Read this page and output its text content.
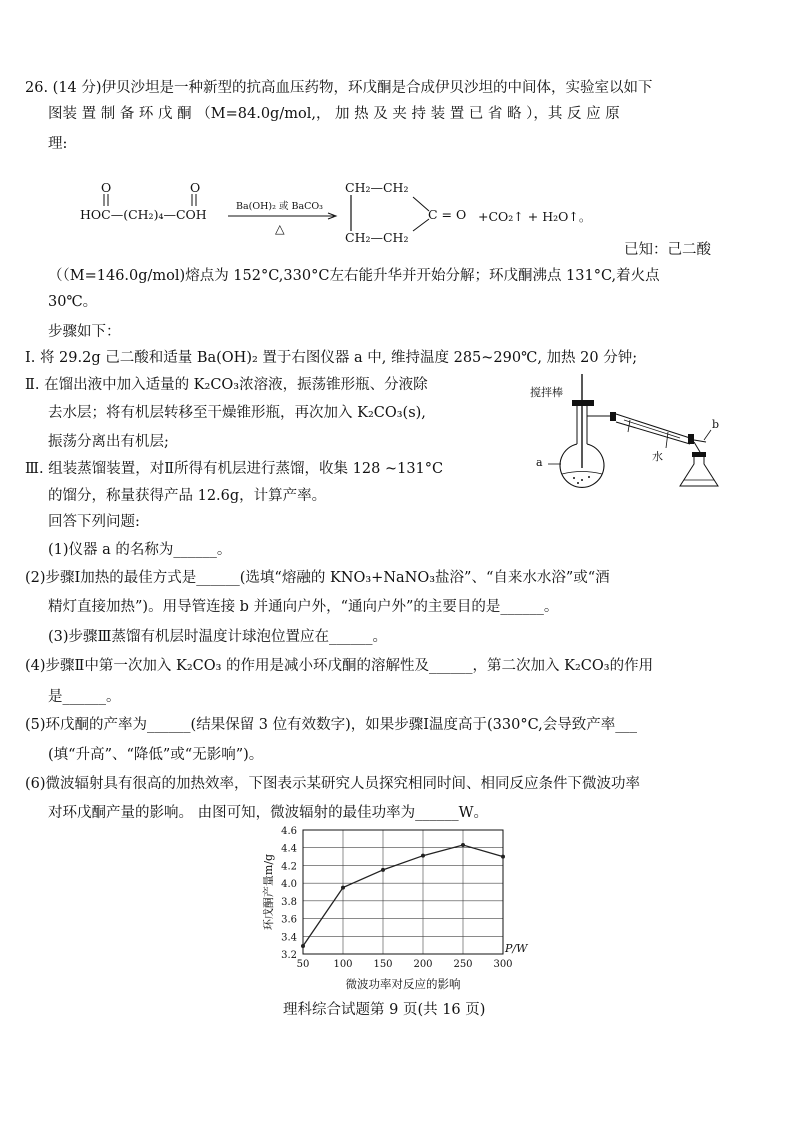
26. (14 分)伊贝沙坦是一种新型的抗高血压药物，环戊酮是合成伊贝沙坦的中间体，实验室以如下
图装 置 制 备 环 戊 酮 （M=84.0g/mol,， 加 热 及 夹 持 装 置 已 省 略 ），其 反 应 原
理:
O	O
HOC—(CH₂)₄—COH
Ba(OH)₂ 或 BaCO₃
△
CH₂—CH₂
CH₂—CH₂
C = O +CO₂↑ + H₂O↑。
已知：己二酸
（（M=146.0g/mol)熔点为 152°C,330°C左右能升华并开始分解；环戊酮沸点 131°C,着火点
30℃。
步骤如下：
Ⅰ. 将 29.2g 己二酸和适量 Ba(OH)₂ 置于右图仪器 a 中, 维持温度 285~290℃, 加热 20 分钟;
Ⅱ. 在馏出液中加入适量的 K₂CO₃浓溶液，振荡锥形瓶、分液除
去水层；将有机层转移至干燥锥形瓶，再次加入 K₂CO₃(s),
振荡分离出有机层;
Ⅲ. 组装蒸馏装置，对Ⅱ所得有机层进行蒸馏，收集 128 ~131°C
的馏分，称量获得产品 12.6g，计算产率。
回答下列问题:
搅拌棒
a
b
水
(1)仪器 a 的名称为______。
(2)步骤Ⅰ加热的最佳方式是______(选填“熔融的 KNO₃+NaNO₃盐浴”、“自来水水浴”或“酒
精灯直接加热”)。用导管连接 b 并通向户外，“通向户外”的主要目的是______。
(3)步骤Ⅲ蒸馏有机层时温度计球泡位置应在______。
(4)步骤Ⅱ中第一次加入 K₂CO₃ 的作用是减小环戊酮的溶解性及______，第二次加入 K₂CO₃的作用
是______。
(5)环戊酮的产率为______(结果保留 3 位有效数字)，如果步骤Ⅰ温度高于(330°C,会导致产率___
(填“升高”、“降低”或“无影响”)。
(6)微波辐射具有很高的加热效率，下图表示某研究人员探究相同时间、相同反应条件下微波功率
对环戊酮产量的影响。 由图可知，微波辐射的最佳功率为______W。
3.2
3.4
3.6
3.8
4.0
4.2
4.4
4.6
50 100 150 200 250 300
P/W
环戊酮产量m/g
微波功率对反应的影响
理科综合试题第 9 页(共 16 页)
